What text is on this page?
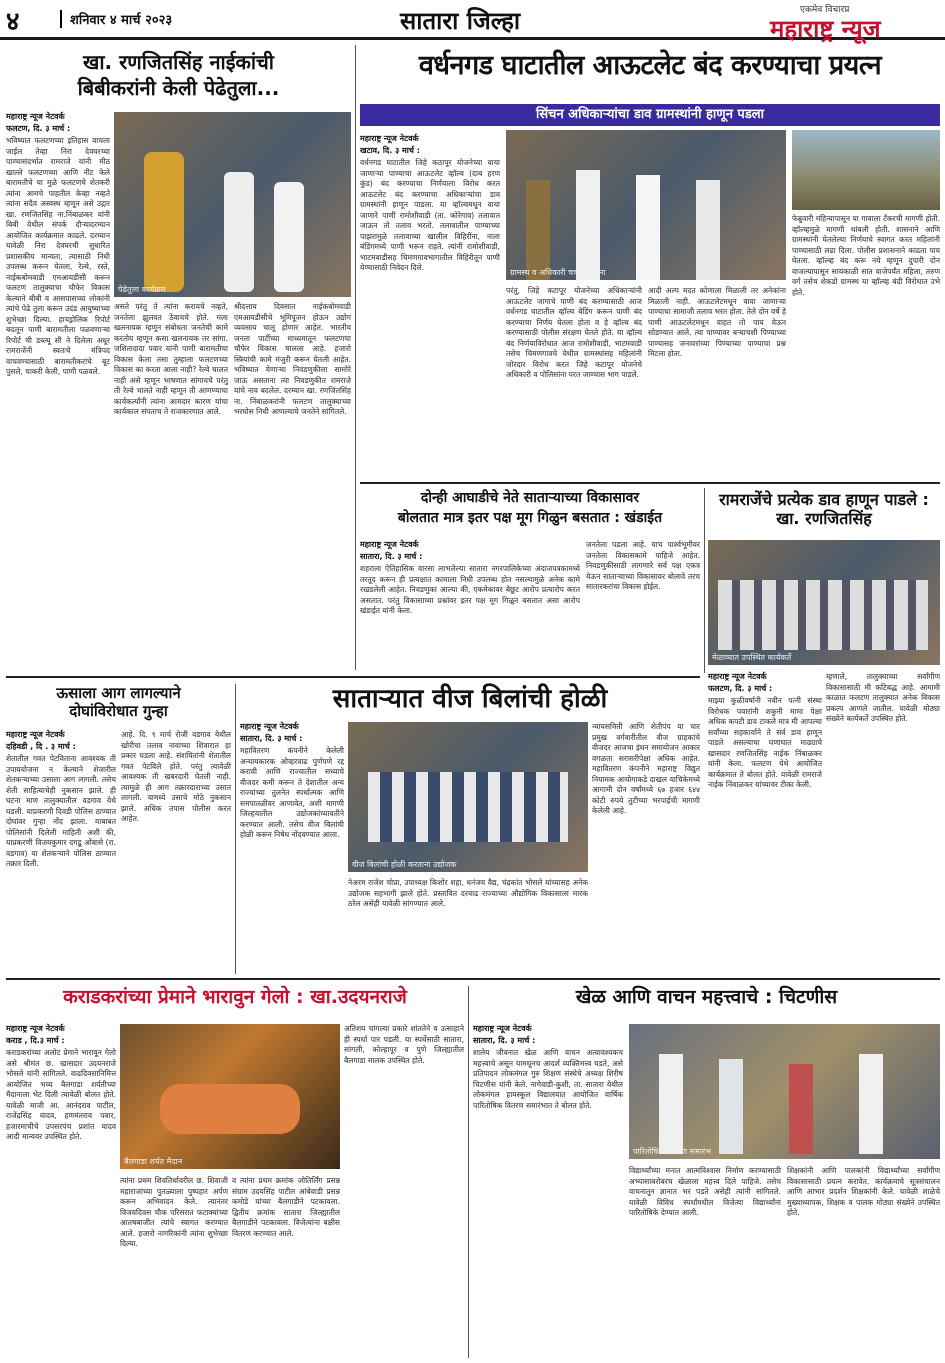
४	शनिवार ४ मार्च २०२३	सातारा जिल्हा	एकमेव विचारप्र
महाराष्ट्र न्यूज
खा. रणजितसिंह नाईकांची
बिबीकरांनी केली पेढेतुला...
पेढेतुला कार्यक्रम
महाराष्ट्र न्यूज नेटवर्क
फलटण, दि. ३ मार्च :
भविष्यात फलटणच्या इतिहास वाचला जाईल तेव्हा निरा देवघरच्या पाण्यासंदर्भात रामराजे यांनी मीठ खाल्ले फलटणच्या आणि नीट केले बारामतीचे या मुळे फलटणचे शेतकरी त्यांना आमचे पाहतील केव्हा नव्हते त्यांना सदैव अस्वस्थ म्हणून असे उद्गार खा. रणजितसिंह ना.निंबाळकर यांनी बिबी येथील संपर्क दौऱ्यादरम्यान आयोजित कार्यक्रमात काढले. दरम्यान यावेळी निरा देवघरची सुधारित प्रशासकीय मान्यता, त्यासाठी निधी उपलब्ध करून घेतला, रेल्वे, रस्ते, नाईकबोमवाडी एमआयडीसी करून फलटण तालुक्याचा चौफेर विकास केल्याने बीबी व आसपासच्या लोकांनी त्यांचे पेढे तुला करून उदंड आयुष्याच्या शुभेच्छा दिल्या. हायड्रोलिक रिपोर्ट बदलून पाणी बारामतीला पळवणाऱ्या रिपोर्ट ची डब्ल्यू सी ने दिलेला अधूर रामराजेंनी स्वतःचे मंत्रिपद वाचवण्यासाठी बारामतीकरांचे बूट पुसले, चाकरी केली, पाणी पळवले.
असते परंतु ते त्यांना करायचे नव्हते, जनतेला झुलवत ठेवायचे होते. मला खलनायक म्हणून संबोधता जनतेची कामे करतोय म्हणून कसा खलनायक तर सांगा. जशितादादा पवार यांनी पाणी बारामतीचा विकास केला तसा तुम्हाला फलटणच्या विकास का करता आला नाही? रेल्वे चालत नाही असे म्हणून भाषणात सांगायचे परंतु ती रेल्वे चालते नाही म्हणून ती आणण्याचा कार्यकर्त्यांनी त्यांना आमदार कारण यांचा कार्यकाल संपताच ते राजकारणात आले.
श्रीदत्ताय दिवसात नाईकबोमवाडी एमआयडीसीचे भूमिपूजन होऊन उद्योग व्यवसाय चालू होणार आहेत. भारतीय जनता पार्टीच्या माध्यमातून फलटणचा चौफेर विकास चालला आहे. हजारो स्त्रियांची कामे मंजुरी करून घेतली आहेत. भविष्यात येणाऱ्या निवडणुकीला सामोरे जाऊ असताना त्या निवडणुकीत रामराजे यांचे नाव बदलेल. दरम्यान खा. रणजितसिंह ना. निंबाळकरांनी फलटण तालुक्याच्या भरघोस निधी आणल्याचे जनतेने सांगितले.
वर्धनगड घाटातील आऊटलेट बंद करण्याचा प्रयत्न
सिंचन अधिकाऱ्यांचा डाव ग्रामस्थांनी हाणून पडला
महाराष्ट्र न्यूज नेटवर्क
खटाव, दि. ३ मार्च :
वर्धनगड घाटातील जिहे कठापूर योजनेच्या वाया जाणाऱ्या पाण्याचा आऊटलेट व्हॉल्व (दाब हरण कुंड) बंद करण्याचा निर्णयाला विरोध करत आऊटलेट बंद करण्याचा अधिकाऱ्यांचा डाव ग्रामस्थांनी हाणून पाडला. या व्हॉल्वमधून वाया जाणारे पाणी रामोशीवाडी (ता. कोरेगाव) तलावात जाऊन तो तलाव भरतो. तलावातील पाण्याच्या पाझरामुळे तलावाच्या खालील विहिरींना, नाला बंडिंगमध्ये पाणी भरून राहते. त्यांनी रामोशीवाडी, भाटमवाडीसह चिमणगावभागातील विहिरीतून पाणी येण्यासाठी निवेदन दिले.
ग्रामस्थ व अधिकारी चर्चा करताना
परंतु, जिहे कटापूर योजनेच्या अधिकाऱ्यांनी आऊटलेट जागाचे पाणी बंद करण्यासाठी आज वर्धनगड घाटातील व्हॉल्व बेडिंग करून पाणी बंद करण्याचा निर्णय घेतला होता व हे व्हॉल्व बंद करण्यासाठी पोलीस संरक्षण घेतले होते. या व्हॉल्व बंद निर्णयाविरोधात आज रामोशीवाडी, भाटमवाडी तसेच चिमणगावचे येथील ग्रामस्थांसह महिलांनी जोरदार विरोध करत जिहे कटापूर योजनेचे अधिकारी व पोलिसांना परत जाण्यास भाग पाडले.
आदी अल्प मदत कोणाला मिळाली तर अनेकांना मिळाली नाही. आऊटलेटमधून वाया जाणाऱ्या पाण्याचा सामाजी तलाव भरत होता. तेले दोन वर्षे हे पाणी आऊटलेटमधून वाहत तो पाय येऊन सोडण्यात आले. त्या पाण्यावर बऱ्याचशी पिण्याच्या पाण्यासह जनावरांच्या पिण्याच्या पाण्याचा प्रश्न मिटला होता.
फेब्रुवारी महिन्यापासून या गावाला टँकरची मागणी होती. व्हॉल्व्हमुळे मागणी थांबली होती. शासनाने आणि ग्रामस्थांनी घेतलेल्या निर्णयाचे स्वागत करत महिलांनी पाण्यासाठी लढा दिला. पोलीस प्रशासनाने काढता पाय घेतला. व्हॉल्व्ह बंद करू नये म्हणून दुपारी दोन वाजल्यापासून सायंकाळी सात वाजेपर्यंत महिला, तरुण वर्ग तसेच शेकडो ग्रामस्थ या व्हॉल्व्ह बंदी विरोधात उभे होते.
दोन्ही आघाडीचे नेते साताऱ्याच्या विकासावर
बोलतात मात्र इतर पक्ष मूग गिळुन बसतात : खंडाईत
महाराष्ट्र न्यूज नेटवर्क
सातारा, दि. ३ मार्च :
शहराला ऐतिहासिक वारसा लाभलेल्या सातारा नगरपालिकेच्या अंदाजपत्रकामध्ये तरतूद करून ही प्रत्यक्षात कामाला निधी उपलब्ध होत नसल्यामुळे अनेक कामे रखडलेली आहेत. निवडणुका आल्या की, एकमेकावर बेछूट आरोप प्रत्यारोप करत असतात. परंतु विकासाच्या प्रश्नांवर इतर पक्ष मूग गिळून बसतात असा आरोप खंडाईत यांनी केला.
जनतेला पडला आहे. याच पार्श्वभूमीवर जनतेला विकासकामे पाहिजे आहेत. निवडणुकीसाठी लागणारे सर्व पक्ष एकत्र येऊन साताऱ्याच्या विकासावर बोलावे तरच सातारकरांचा विकास होईल.
रामराजेंचे प्रत्येक डाव हाणून पाडले : खा. रणजितसिंह
मेळाव्यात उपस्थित कार्यकर्ते
महाराष्ट्र न्यूज नेटवर्क
फलटण, दि. ३ मार्च :
माझ्या कुळीवर्षानी नवीन पत्नी संस्था विरोधक पवारांनी शकुनी मामा पेक्षा अधिक कपटी डाव टाकले मात्र मी आपल्या सर्वांच्या सहकार्याने ते सर्व डाव हाणून पाडले असल्याचा घणाघात माढ्याचे खासदार रणजितसिंह नाईक निंबाळकर यांनी केला. फलटण येथे आयोजित कार्यक्रमात ते बोलत होते. यावेळी रामराजे नाईक निंबाळकर यांच्यावर टीका केली.
म्हणाले, तालुक्याच्या सर्वांगीण विकासासाठी मी कटिबद्ध आहे. आगामी काळात फलटण तालुक्यात अनेक विकास प्रकल्प आणले जातील. यावेळी मोठ्या संख्येने कार्यकर्ते उपस्थित होते.
ऊसाला आग लागल्याने
दोघांविरोधात गुन्हा
महाराष्ट्र न्यूज नेटवर्क
दहिवडी , दि . ३ मार्च :
शेतातील गवत पेटविताना आवश्यक ती उपाययोजना न केल्याने शेजारील शेतकऱ्याच्या उसाला आग लागली. तसेच शेती साहित्याचेही नुकसान झाले. ही घटना माण तालुक्यातील वडगाव येथे घडली. याप्रकरणी दिवडी पोलिस ठाण्यात दोघांवर गुन्हा नोंद झाला. याबाबत पोलिसांनी दिलेली माहिती अशी की, याप्रकरणी विजयकुमार दगडू ओंबासे (रा. वडगाव) या शेतकऱ्याने पोलिस ठाण्यात तक्रार दिली.
आहे. दि. ९ मार्च रोजी वडगाव येथील खोरीचा तलाव नावाच्या शिवारात हा प्रकार घडला आहे. संशयितांनी शेतातील गवत पेटविले होते. परंतु त्यावेळी आवश्यक ती खबरदारी घेतली नाही. त्यामुळे ही आग तक्रारदाराच्या उसात लागली. यामध्ये उसाचे मोठे नुकसान झाले. अधिक तपास पोलीस करत आहेत.
साताऱ्यात वीज बिलांची होळी
महाराष्ट्र न्यूज नेटवर्क
सातारा, दि. ३ मार्च :
महावितरण कंपनीने केलेली अन्यायकारक ओव्हरवाढ पुर्णपणे रद्द करावी आणि राज्यातील सध्याचे वीजदर कमी करून ते देशातील अन्य राज्यांच्या तुलनेत स्पर्धात्मक आणि समपातळीवर आणावेत, अशी मागणी जिल्हयातील उद्योजकांच्यावतीने करण्यात आली. तसेच वीज बिलांची होळी करून निषेध नोंदवण्यात आला.
वीज बिलांची होळी करताना उद्योजक
नेअरम राजेश चोप्रा, उपाध्यक्ष किशोर शहा, धनंजय वैद्य, चंद्रकांत भोसले यांच्यासह अनेक उद्योजक सहभागी झाले होते. प्रस्तावित दरवाढ राज्याच्या औद्योगिक विकासाला मारक ठरेल असेही यावेळी सांगण्यात आले.
न्यायसमिती आणि शेतीपंप या चार प्रमुख वर्गवारीतील वीज ग्राहकांचे वीजदर आजचा इंधन समायोजन आकार वगळता सरासरीपेक्षा अधिक आहेत. महावितरण कंपनीने महाराष्ट्र विद्युत नियामक आयोगाकडे दाखल याचिकेमध्ये आगामी दोन वर्षांमध्ये ६७ हजार ६४४ कोटी रुपये तुटीच्या भरपाईची मागणी केलेली आहे.
कराडकरांच्या प्रेमाने भारावुन गेलो : खा.उदयनराजे
महाराष्ट्र न्यूज नेटवर्क
कराड , दि.३ मार्च :
कराडकरांच्या अलोट प्रेमाने भारावून गेलो असे श्रीमंत छ. खासदार उदयनराजे भोसले यांनी सांगितले. वाढदिवसानिमित्त आयोजित भव्य बैलगाडा शर्यतीच्या मैदानाला भेट दिली त्यावेळी बोलत होते. यावेळी माजी आ. आनंदराव पाटील, राजेंद्रसिंह यादव, हणमंतराव पवार, हजारमाचीचे उपसरपंच प्रशांत यादव आदी मान्यवर उपस्थित होते.
बैलगाडा शर्यत मैदान
त्यांना प्रथम शिवतिर्थावरील छ. शिवाजी महाराजांच्या पुतळ्याला पुष्पहार अर्पण करून अभिवादन केले. त्यानंतर विजयदिवस चौक परिसरात फटाक्यांच्या आतषबाजीत त्यांचे स्वागत करण्यात आले. हजारो नागरिकांनी त्यांना शुभेच्छा दिल्या.
व त्यांना प्रथम क्रमांक जोतिर्लिंग प्रसन्न संग्राम उदयसिंह पाटील आंबेवाडी प्रसन्न कमोडे यांच्या बैलगाडीने पटकावला. द्वितीय क्रमांक सातारा जिल्ह्यातील बैलगाडीने पटकावला. विजेत्यांना बक्षीस वितरण करण्यात आले.
अतिशय चांगल्या प्रकारे शांततेने व उत्साहाने ही स्पर्धा पार पडली. या स्पर्धेसाठी सातारा, सांगली, कोल्हापूर व पुणे जिल्ह्यातील बैलगाडा मालक उपस्थित होते.
खेळ आणि वाचन महत्त्वाचे : चिटणीस
महाराष्ट्र न्यूज नेटवर्क
सातारा, दि. ३ मार्च :
शालेय जीवनात खेळ आणि वाचन अत्यावश्यकच महत्त्वाचे असून यामधूनच आदर्श व्यक्तिमत्त्व घडते, असे प्रतिपादन लोकमंगल गुरु शिक्षण संस्थेचे अध्यक्ष शिरीष चिटणीस यांनी केले. नागेवाडी-कुशी, ता. सातारा येथील लोकमंगल हायस्कूल विद्यालयात आयोजित वार्षिक पारितोषिक वितरण समारंभात ते बोलत होते.
पारितोषिक वितरण समारंभ
विद्यार्थ्यांच्या मनात आत्मविश्वास निर्माण करण्यासाठी अभ्यासाबरोबरच खेळाला महत्त्व दिले पाहिजे. तसेच वाचनातून ज्ञानात भर पडते असेही त्यांनी सांगितले. यावेळी विविध स्पर्धांमधील विजेत्या विद्यार्थ्यांना पारितोषिके देण्यात आली.
शिक्षकांनी आणि पालकांनी विद्यार्थ्यांच्या सर्वांगीण विकासासाठी प्रयत्न करावेत. कार्यक्रमाचे सूत्रसंचालन आणि आभार प्रदर्शन शिक्षकांनी केले. यावेळी शाळेचे मुख्याध्यापक, शिक्षक व पालक मोठ्या संख्येने उपस्थित होते.
